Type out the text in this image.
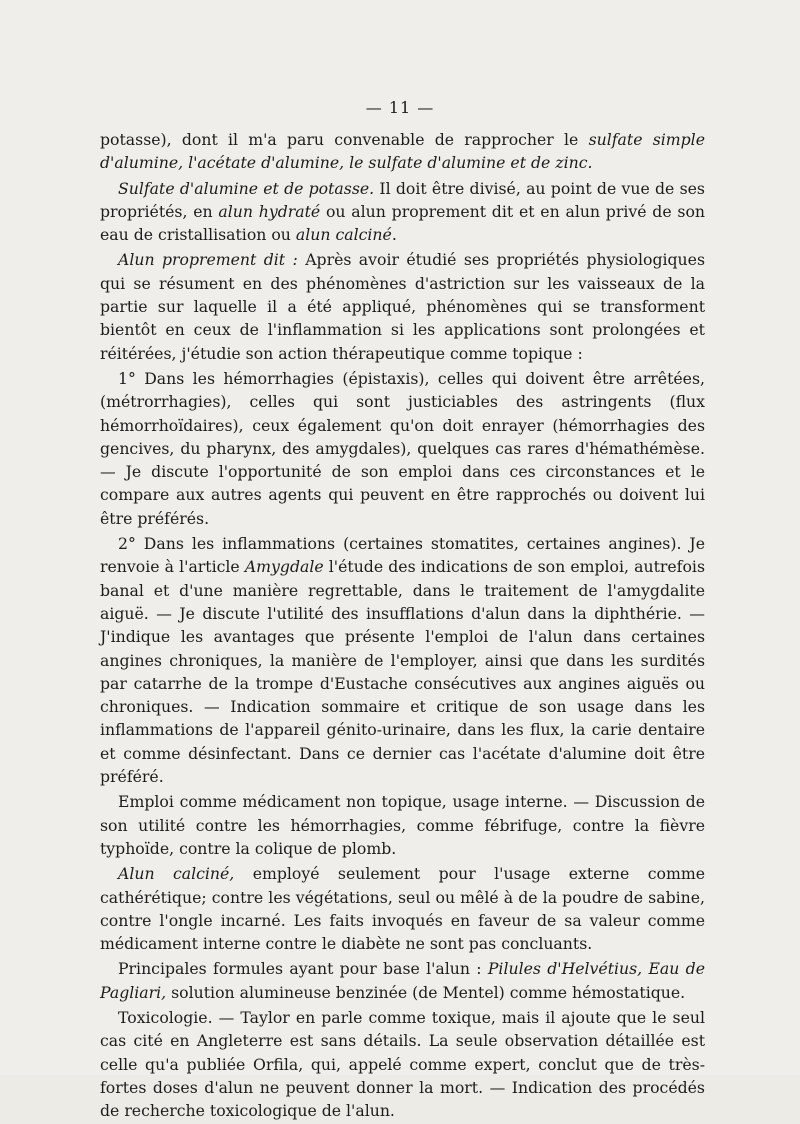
— 11 —

potasse), dont il m'a paru convenable de rapprocher le sulfate simple d'alumine, l'acétate d'alumine, le sulfate d'alumine et de zinc.

Sulfate d'alumine et de potasse. Il doit être divisé, au point de vue de ses propriétés, en alun hydraté ou alun proprement dit et en alun privé de son eau de cristallisation ou alun calciné.

Alun proprement dit : Après avoir étudié ses propriétés physiologiques qui se résument en des phénomènes d'astriction sur les vaisseaux de la partie sur laquelle il a été appliqué, phénomènes qui se transforment bientôt en ceux de l'inflammation si les applications sont prolongées et réitérées, j'étudie son action thérapeutique comme topique :

1° Dans les hémorrhagies (épistaxis), celles qui doivent être arrêtées, (métrorrhagies), celles qui sont justiciables des astringents (flux hémorrhoïdaires), ceux également qu'on doit enrayer (hémorrhagies des gencives, du pharynx, des amygdales), quelques cas rares d'hémathémèse. — Je discute l'opportunité de son emploi dans ces circonstances et le compare aux autres agents qui peuvent en être rapprochés ou doivent lui être préférés.

2° Dans les inflammations (certaines stomatites, certaines angines). Je renvoie à l'article Amygdale l'étude des indications de son emploi, autrefois banal et d'une manière regrettable, dans le traitement de l'amygdalite aiguë. — Je discute l'utilité des insufflations d'alun dans la diphthérie. — J'indique les avantages que présente l'emploi de l'alun dans certaines angines chroniques, la manière de l'employer, ainsi que dans les surdités par catarrhe de la trompe d'Eustache consécutives aux angines aiguës ou chroniques. — Indication sommaire et critique de son usage dans les inflammations de l'appareil génito-urinaire, dans les flux, la carie dentaire et comme désinfectant. Dans ce dernier cas l'acétate d'alumine doit être préféré.

Emploi comme médicament non topique, usage interne. — Discussion de son utilité contre les hémorrhagies, comme fébrifuge, contre la fièvre typhoïde, contre la colique de plomb.

Alun calciné, employé seulement pour l'usage externe comme cathérétique; contre les végétations, seul ou mêlé à de la poudre de sabine, contre l'ongle incarné. Les faits invoqués en faveur de sa valeur comme médicament interne contre le diabète ne sont pas concluants.

Principales formules ayant pour base l'alun : Pilules d'Helvétius, Eau de Pagliari, solution alumineuse benzinée (de Mentel) comme hémostatique.

Toxicologie. — Taylor en parle comme toxique, mais il ajoute que le seul cas cité en Angleterre est sans détails. La seule observation détaillée est celle qu'a publiée Orfila, qui, appelé comme expert, conclut que de très-fortes doses d'alun ne peuvent donner la mort. — Indication des procédés de recherche toxicologique de l'alun.
